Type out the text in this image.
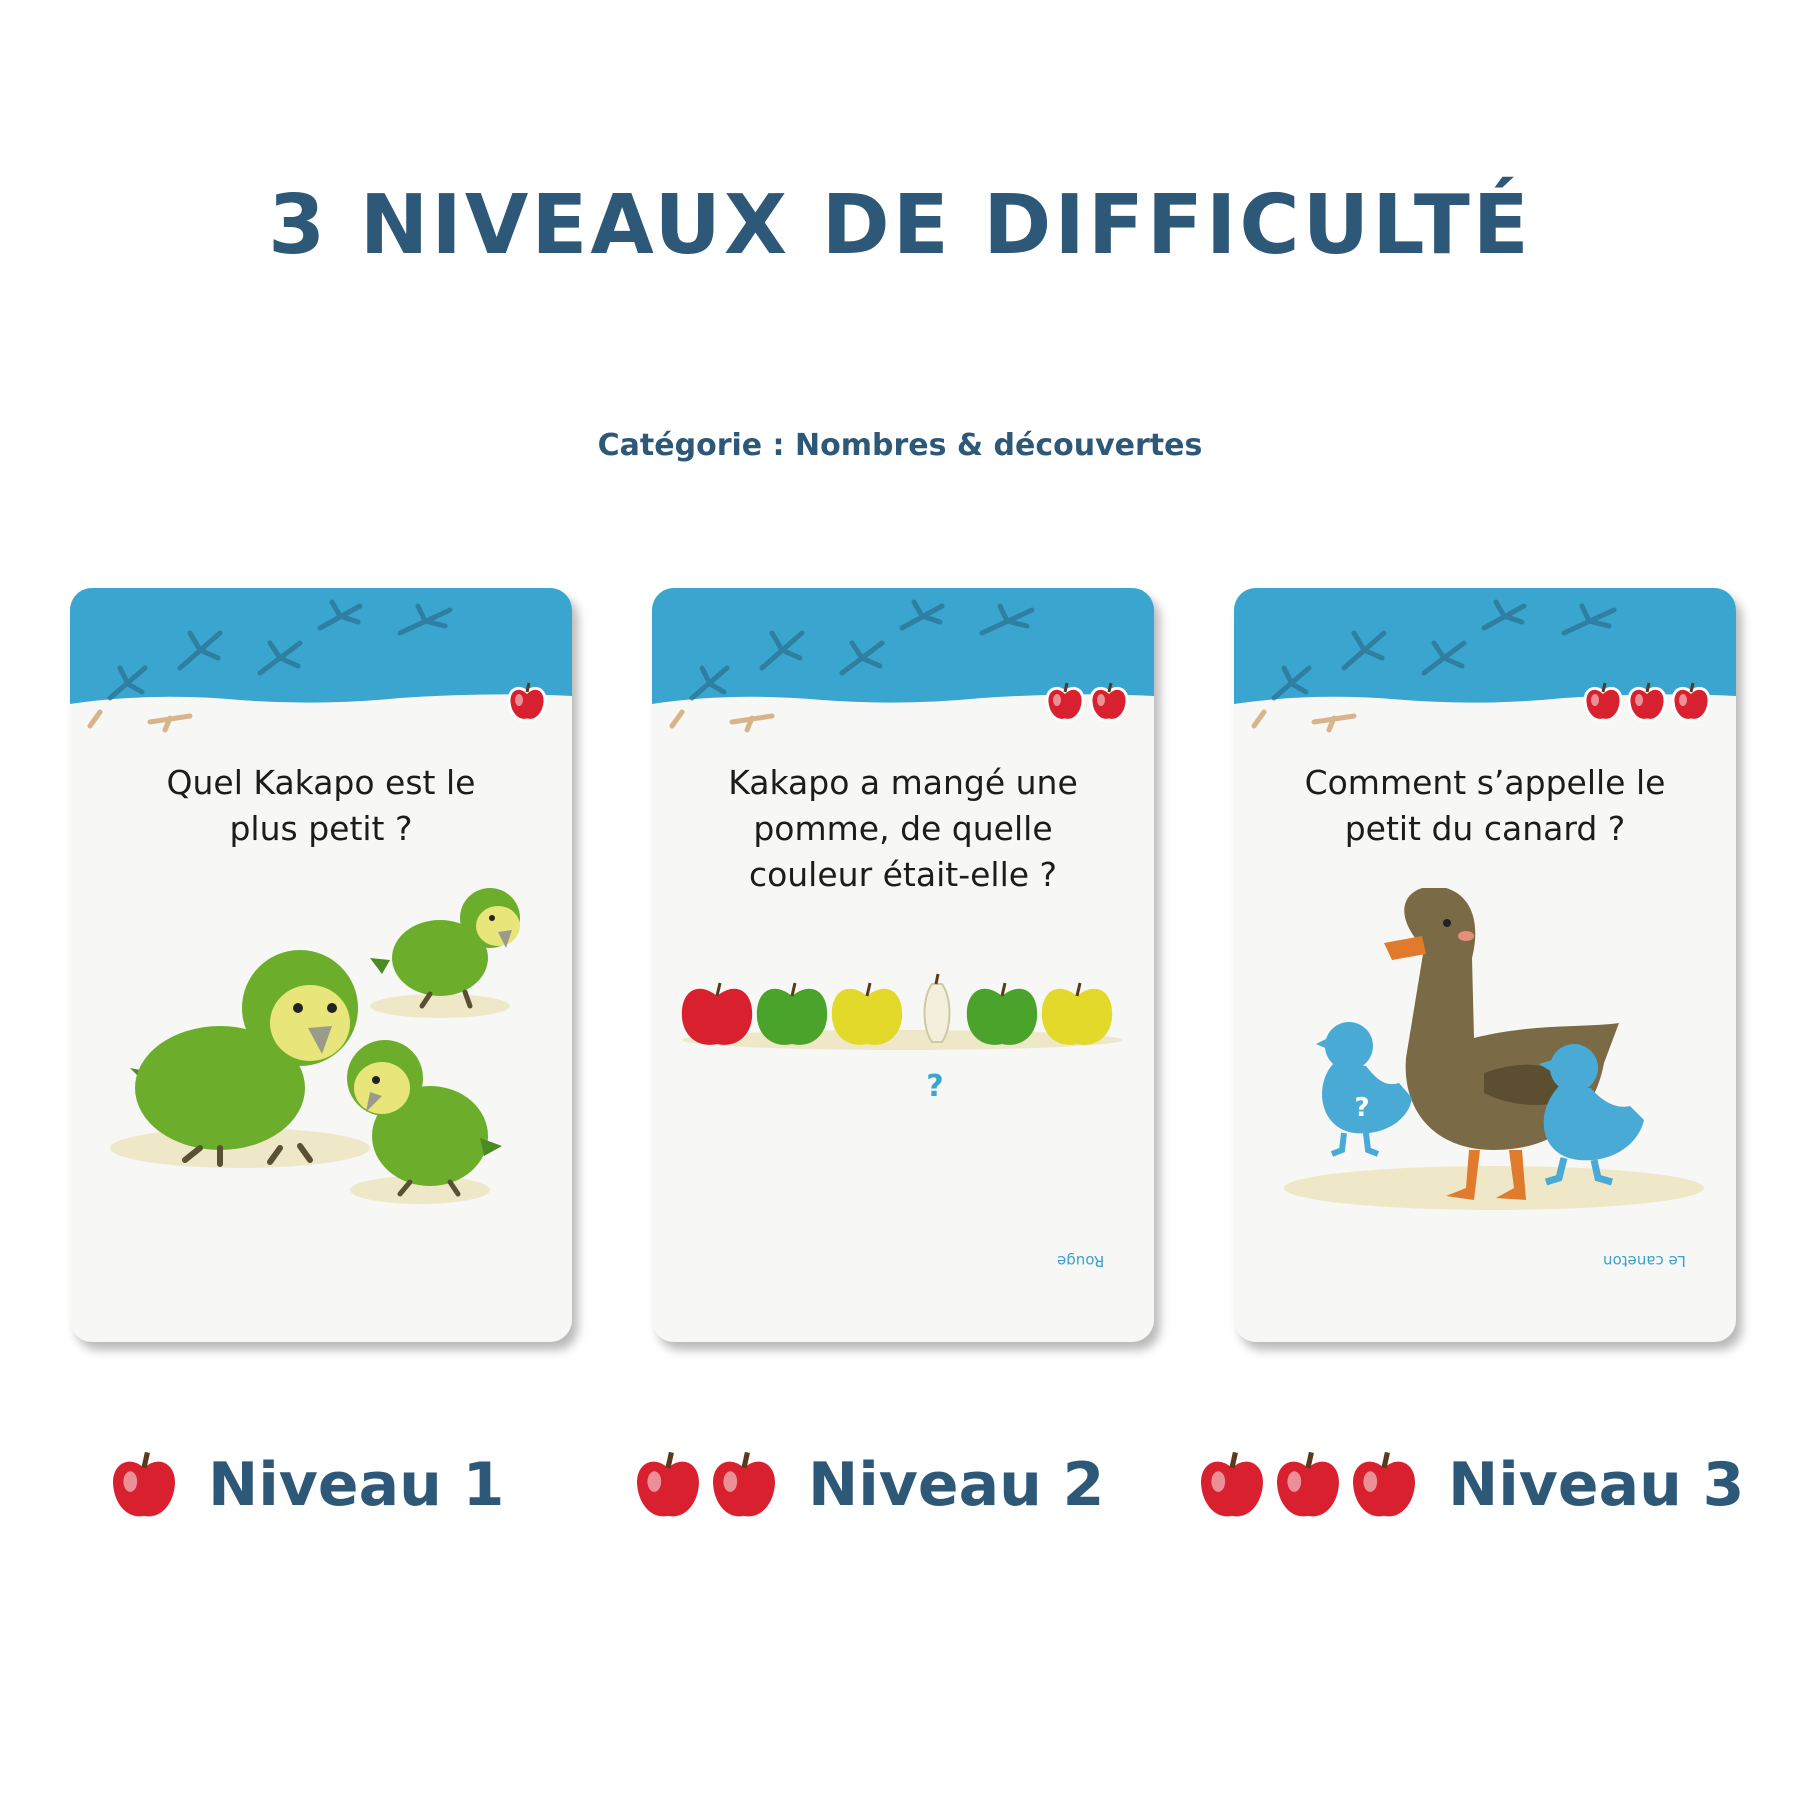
3 NIVEAUX DE DIFFICULTÉ
Catégorie : Nombres & découvertes
Quel Kakapo est le
plus petit ?
Kakapo a mangé une
pomme, de quelle
couleur était-elle ?
?
Rouge
Comment s’appelle le
petit du canard ?
?
Le caneton
Niveau 1	Niveau 2	Niveau 3
